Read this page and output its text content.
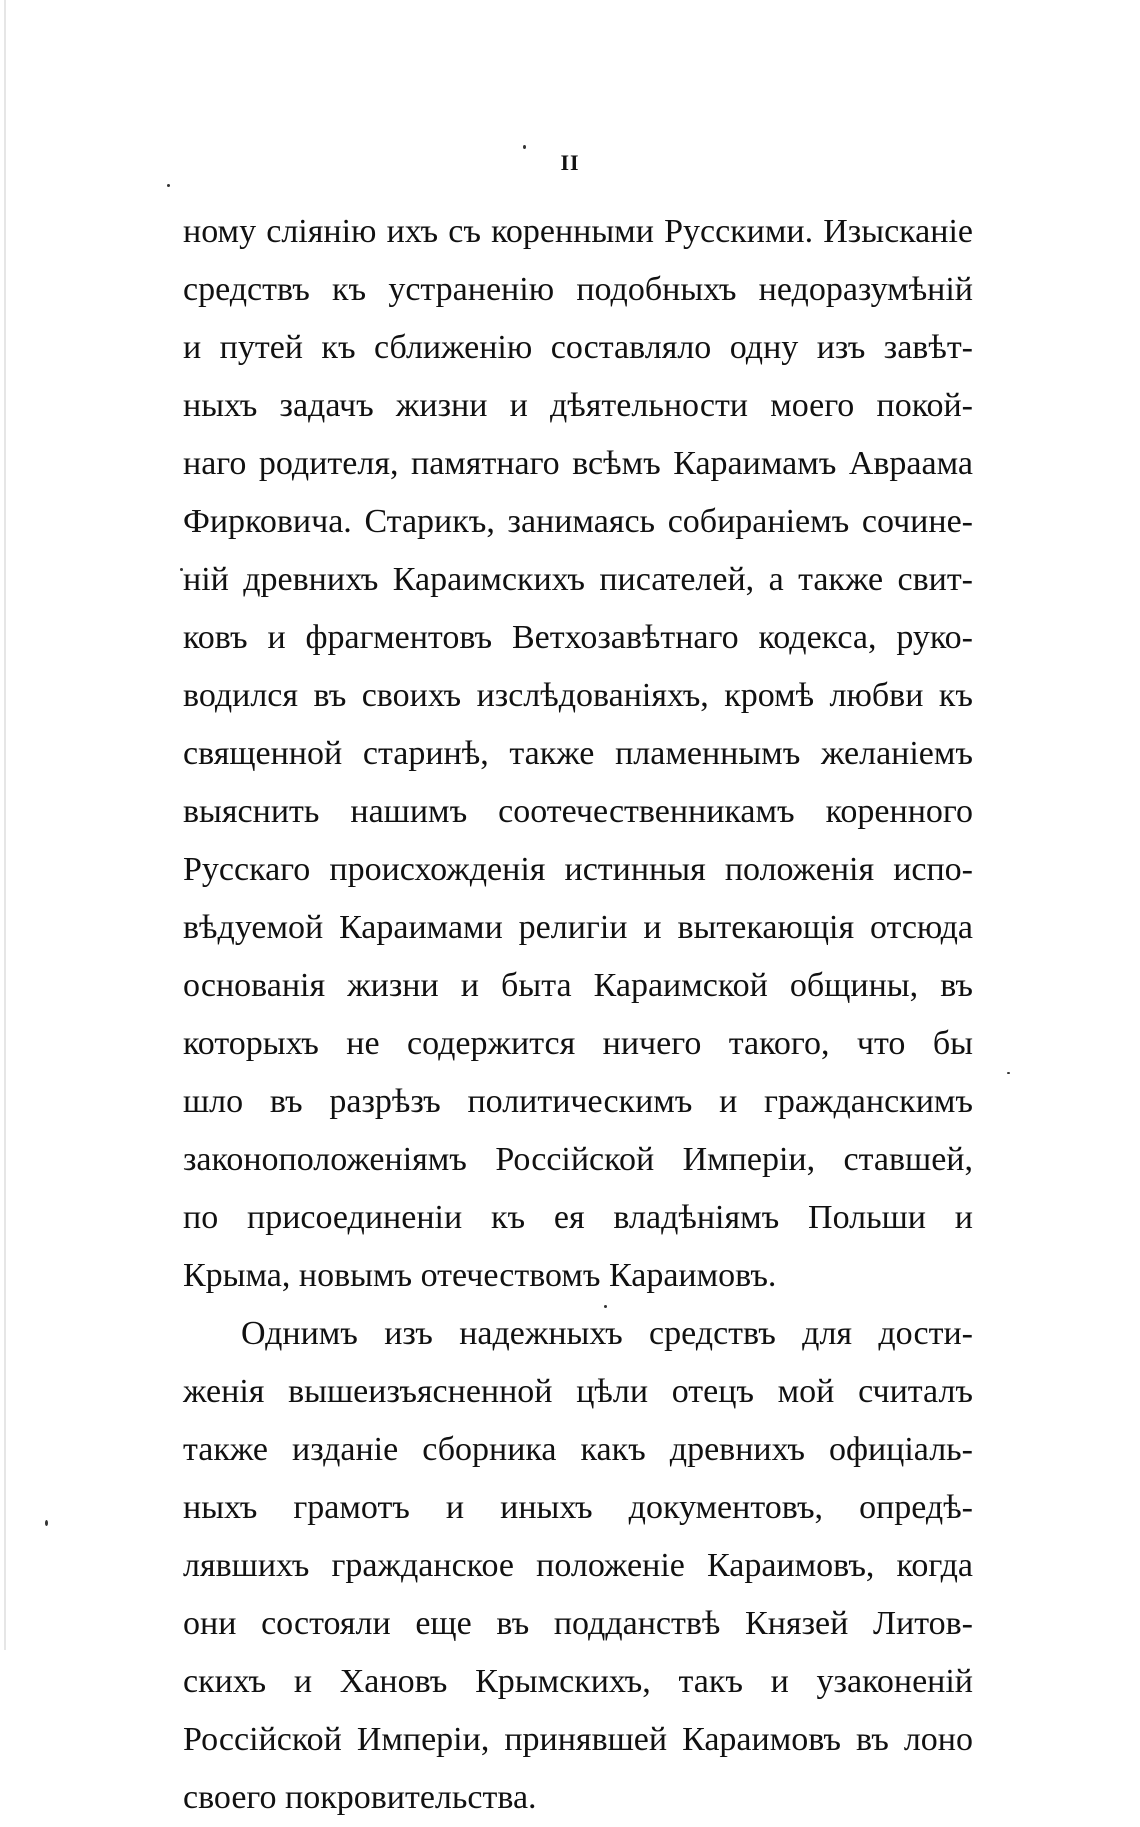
II
ному слiянiю ихъ съ коренными Русскими. Изысканiе
средствъ къ устраненiю подобныхъ недоразумѣнiй
и путей къ сближенiю составляло одну изъ завѣт-
ныхъ задачъ жизни и дѣятельности моего покой-
наго родителя, памятнаго всѣмъ Караимамъ Авраама
Фирковича. Старикъ, занимаясь собиранiемъ сочине-
нiй древнихъ Караимскихъ писателей, а также свит-
ковъ и фрагментовъ Ветхозавѣтнаго кодекса, руко-
водился въ своихъ изслѣдованiяхъ, кромѣ любви къ
священной старинѣ, также пламеннымъ желанiемъ
выяснить нашимъ соотечественникамъ коренного
Русскаго происхожденiя истинныя положенiя испо-
вѣдуемой Караимами религiи и вытекающiя отсюда
основанiя жизни и быта Караимской общины, въ
которыхъ не содержится ничего такого, что бы
шло въ разрѣзъ политическимъ и гражданскимъ
законоположенiямъ Россiйской Имперiи, ставшей,
по присоединенiи къ ея владѣнiямъ Польши и
Крыма, новымъ отечествомъ Караимовъ.
Однимъ изъ надежныхъ средствъ для дости-
женiя вышеизъясненной цѣли отецъ мой считалъ
также изданiе сборника какъ древнихъ офицiаль-
ныхъ грамотъ и иныхъ документовъ, опредѣ-
лявшихъ гражданское положенiе Караимовъ, когда
они состояли еще въ подданствѣ Князей Литов-
скихъ и Хановъ Крымскихъ, такъ и узаконенiй
Россiйской Имперiи, принявшей Караимовъ въ лоно
своего покровительства.
